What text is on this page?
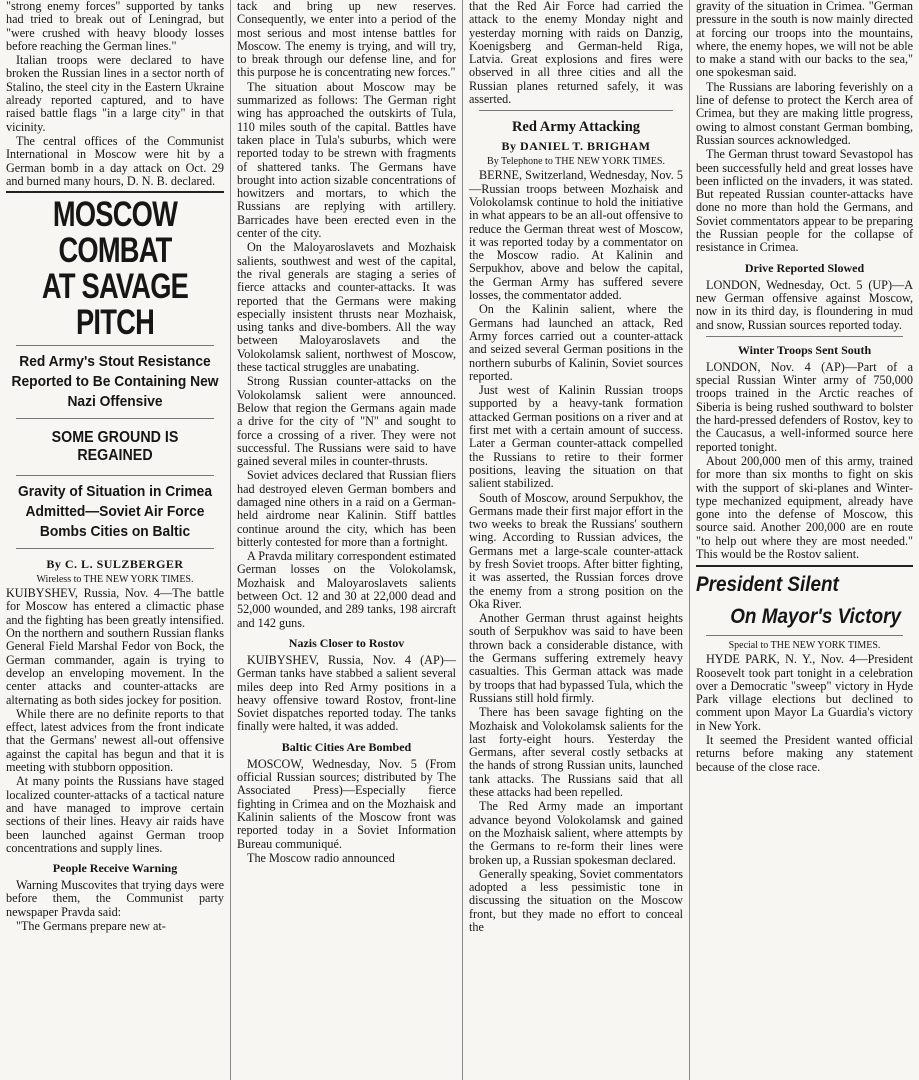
"strong enemy forces" supported by tanks had tried to break out of Leningrad, but "were crushed with heavy bloody losses before reaching the German lines."

Italian troops were declared to have broken the Russian lines in a sector north of Stalino, the steel city in the Eastern Ukraine already reported captured, and to have raised battle flags "in a large city" in that vicinity.

The central offices of the Communist International in Moscow were hit by a German bomb in a day attack on Oct. 29 and burned many hours, D. N. B. declared.

MOSCOW COMBAT
AT SAVAGE PITCH
Red Army's Stout Resistance Reported to Be Containing New Nazi Offensive
SOME GROUND IS REGAINED
Gravity of Situation in Crimea Admitted—Soviet Air Force Bombs Cities on Baltic
By C. L. SULZBERGER
Wireless to THE NEW YORK TIMES.

KUIBYSHEV, Russia, Nov. 4—The battle for Moscow has entered a climactic phase and the fighting has been greatly intensified. On the northern and southern Russian flanks General Field Marshal Fedor von Bock, the German commander, again is trying to develop an enveloping movement. In the center attacks and counter-attacks are alternating as both sides jockey for position.

While there are no definite reports to that effect, latest advices from the front indicate that the Germans' newest all-out offensive against the capital has begun and that it is meeting with stubborn opposition.

At many points the Russians have staged localized counter-attacks of a tactical nature and have managed to improve certain sections of their lines. Heavy air raids have been launched against German troop concentrations and supply lines.

People Receive Warning

Warning Muscovites that trying days were before them, the Communist party newspaper Pravda said:

"The Germans prepare new at-

tack and bring up new reserves. Consequently, we enter into a period of the most serious and most intense battles for Moscow. The enemy is trying, and will try, to break through our defense line, and for this purpose he is concentrating new forces."

The situation about Moscow may be summarized as follows: The German right wing has approached the outskirts of Tula, 110 miles south of the capital. Battles have taken place in Tula's suburbs, which were reported today to be strewn with fragments of shattered tanks. The Germans have brought into action sizable concentrations of howitzers and mortars, to which the Russians are replying with artillery. Barricades have been erected even in the center of the city.

On the Maloyaroslavets and Mozhaisk salients, southwest and west of the capital, the rival generals are staging a series of fierce attacks and counter-attacks. It was reported that the Germans were making especially insistent thrusts near Mozhaisk, using tanks and dive-bombers. All the way between Maloyaroslavets and the Volokolamsk salient, northwest of Moscow, these tactical struggles are unabating.

Strong Russian counter-attacks on the Volokolamsk salient were announced. Below that region the Germans again made a drive for the city of "N" and sought to force a crossing of a river. They were not successful. The Russians were said to have gained several miles in counter-thrusts.

Soviet advices declared that Russian fliers had destroyed eleven German bombers and damaged nine others in a raid on a German-held airdrome near Kalinin. Stiff battles continue around the city, which has been bitterly contested for more than a fortnight.

A Pravda military correspondent estimated German losses on the Volokolamsk, Mozhaisk and Maloyaroslavets salients between Oct. 12 and 30 at 22,000 dead and 52,000 wounded, and 289 tanks, 198 aircraft and 142 guns.

Nazis Closer to Rostov

KUIBYSHEV, Russia, Nov. 4 (AP)—German tanks have stabbed a salient several miles deep into Red Army positions in a heavy offensive toward Rostov, front-line Soviet dispatches reported today. The tanks finally were halted, it was added.

Baltic Cities Are Bombed

MOSCOW, Wednesday, Nov. 5 (From official Russian sources; distributed by The Associated Press)—Especially fierce fighting in Crimea and on the Mozhaisk and Kalinin salients of the Moscow front was reported today in a Soviet Information Bureau communiqué.

The Moscow radio announced

that the Red Air Force had carried the attack to the enemy Monday night and yesterday morning with raids on Danzig, Koenigsberg and German-held Riga, Latvia. Great explosions and fires were observed in all three cities and all the Russian planes returned safely, it was asserted.

Red Army Attacking
By DANIEL T. BRIGHAM
By Telephone to THE NEW YORK TIMES.

BERNE, Switzerland, Wednesday, Nov. 5—Russian troops between Mozhaisk and Volokolamsk continue to hold the initiative in what appears to be an all-out offensive to reduce the German threat west of Moscow, it was reported today by a commentator on the Moscow radio. At Kalinin and Serpukhov, above and below the capital, the German Army has suffered severe losses, the commentator added.

On the Kalinin salient, where the Germans had launched an attack, Red Army forces carried out a counter-attack and seized several German positions in the northern suburbs of Kalinin, Soviet sources reported.

Just west of Kalinin Russian troops supported by a heavy-tank formation attacked German positions on a river and at first met with a certain amount of success. Later a German counter-attack compelled the Russians to retire to their former positions, leaving the situation on that salient stabilized.

South of Moscow, around Serpukhov, the Germans made their first major effort in the two weeks to break the Russians' southern wing. According to Russian advices, the Germans met a large-scale counter-attack by fresh Soviet troops. After bitter fighting, it was asserted, the Russian forces drove the enemy from a strong position on the Oka River.

Another German thrust against heights south of Serpukhov was said to have been thrown back a considerable distance, with the Germans suffering extremely heavy casualties. This German attack was made by troops that had bypassed Tula, which the Russians still hold firmly.

There has been savage fighting on the Mozhaisk and Volokolamsk salients for the last forty-eight hours. Yesterday the Germans, after several costly setbacks at the hands of strong Russian units, launched tank attacks. The Russians said that all these attacks had been repelled.

The Red Army made an important advance beyond Volokolamsk and gained on the Mozhaisk salient, where attempts by the Germans to re-form their lines were broken up, a Russian spokesman declared.

Generally speaking, Soviet commentators adopted a less pessimistic tone in discussing the situation on the Moscow front, but they made no effort to conceal the

gravity of the situation in Crimea. "German pressure in the south is now mainly directed at forcing our troops into the mountains, where, the enemy hopes, we will not be able to make a stand with our backs to the sea," one spokesman said.

The Russians are laboring feverishly on a line of defense to protect the Kerch area of Crimea, but they are making little progress, owing to almost constant German bombing, Russian sources acknowledged.

The German thrust toward Sevastopol has been successfully held and great losses have been inflicted on the invaders, it was stated. But repeated Russian counter-attacks have done no more than hold the Germans, and Soviet commentators appear to be preparing the Russian people for the collapse of resistance in Crimea.

Drive Reported Slowed

LONDON, Wednesday, Oct. 5 (UP)—A new German offensive against Moscow, now in its third day, is floundering in mud and snow, Russian sources reported today.

Winter Troops Sent South

LONDON, Nov. 4 (AP)—Part of a special Russian Winter army of 750,000 troops trained in the Arctic reaches of Siberia is being rushed southward to bolster the hard-pressed defenders of Rostov, key to the Caucasus, a well-informed source here reported tonight.

About 200,000 men of this army, trained for more than six months to fight on skis with the support of ski-planes and Winter-type mechanized equipment, already have gone into the defense of Moscow, this source said. Another 200,000 are en route "to help out where they are most needed." This would be the Rostov salient.

President Silent
On Mayor's Victory
Special to THE NEW YORK TIMES.

HYDE PARK, N. Y., Nov. 4—President Roosevelt took part tonight in a celebration over a Democratic "sweep" victory in Hyde Park village elections but declined to comment upon Mayor La Guardia's victory in New York.

It seemed the President wanted official returns before making any statement because of the close race.
